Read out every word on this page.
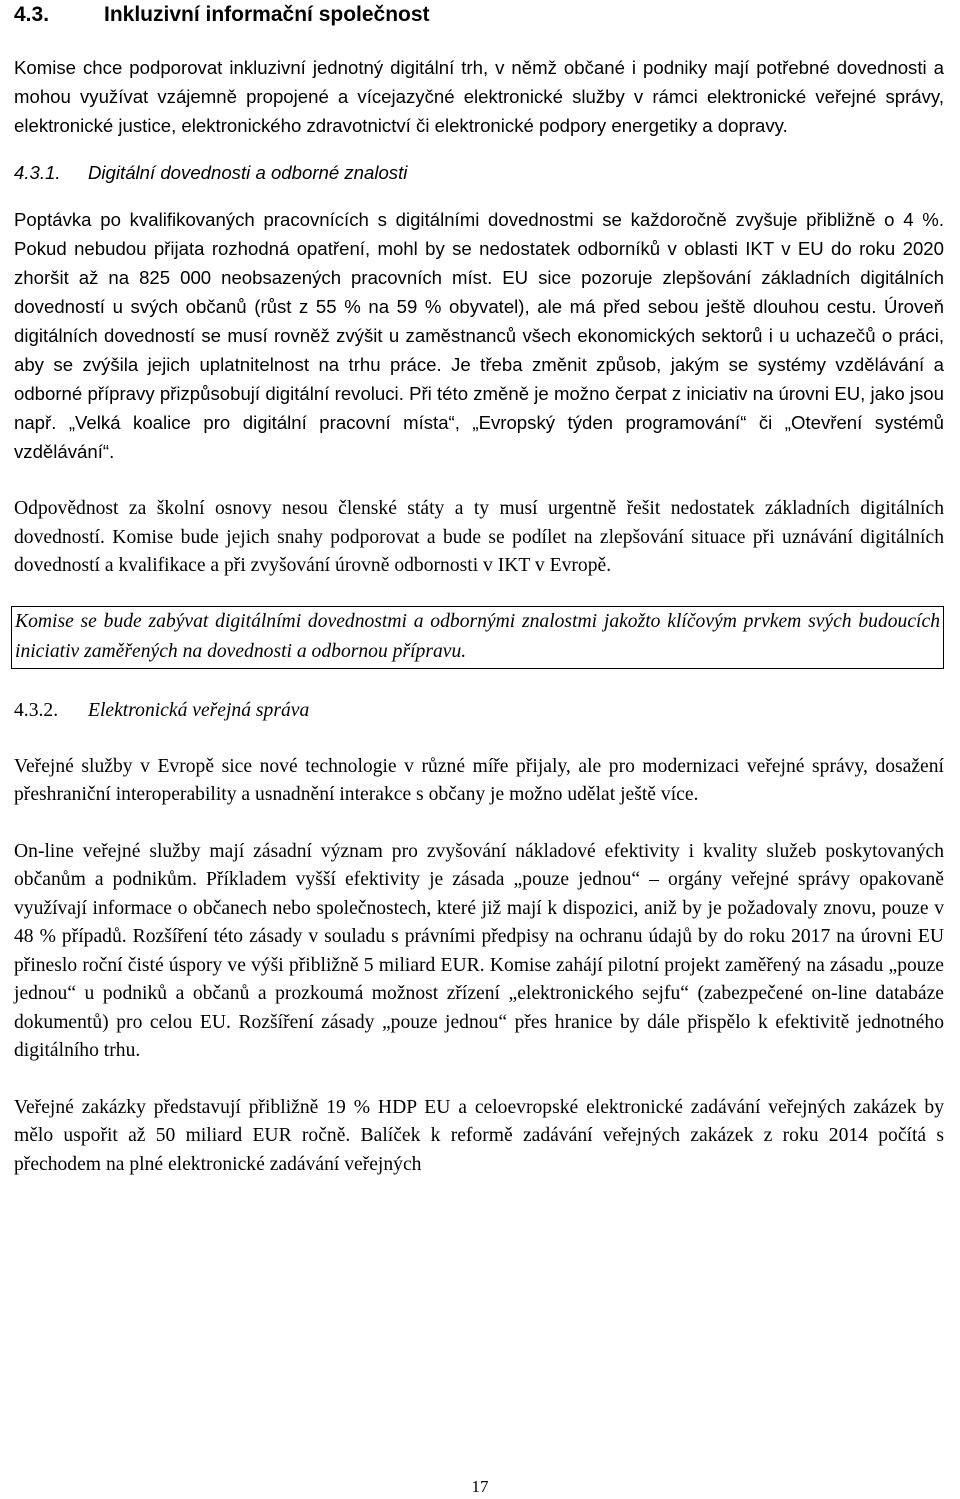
4.3.	Inkluzivní informační společnost

Komise chce podporovat inkluzivní jednotný digitální trh, v němž občané i podniky mají potřebné dovednosti a mohou využívat vzájemně propojené a vícejazyčné elektronické služby v rámci elektronické veřejné správy, elektronické justice, elektronického zdravotnictví či elektronické podpory energetiky a dopravy.

4.3.1.	Digitální dovednosti a odborné znalosti

Poptávka po kvalifikovaných pracovnících s digitálními dovednostmi se každoročně zvyšuje přibližně o 4 %. Pokud nebudou přijata rozhodná opatření, mohl by se nedostatek odborníků v oblasti IKT v EU do roku 2020 zhoršit až na 825 000 neobsazených pracovních míst. EU sice pozoruje zlepšování základních digitálních dovedností u svých občanů (růst z 55 % na 59 % obyvatel), ale má před sebou ještě dlouhou cestu. Úroveň digitálních dovedností se musí rovněž zvýšit u zaměstnanců všech ekonomických sektorů i u uchazečů o práci, aby se zvýšila jejich uplatnitelnost na trhu práce. Je třeba změnit způsob, jakým se systémy vzdělávání a odborné přípravy přizpůsobují digitální revoluci. Při této změně je možno čerpat z iniciativ na úrovni EU, jako jsou např. „Velká koalice pro digitální pracovní místa“, „Evropský týden programování“ či „Otevření systémů vzdělávání“.

Odpovědnost za školní osnovy nesou členské státy a ty musí urgentně řešit nedostatek základních digitálních dovedností. Komise bude jejich snahy podporovat a bude se podílet na zlepšování situace při uznávání digitálních dovedností a kvalifikace a při zvyšování úrovně odbornosti v IKT v Evropě.

Komise se bude zabývat digitálními dovednostmi a odbornými znalostmi jakožto klíčovým prvkem svých budoucích iniciativ zaměřených na dovednosti a odbornou přípravu.
4.3.2.	Elektronická veřejná správa

Veřejné služby v Evropě sice nové technologie v různé míře přijaly, ale pro modernizaci veřejné správy, dosažení přeshraniční interoperability a usnadnění interakce s občany je možno udělat ještě více.

On-line veřejné služby mají zásadní význam pro zvyšování nákladové efektivity i kvality služeb poskytovaných občanům a podnikům. Příkladem vyšší efektivity je zásada „pouze jednou“ – orgány veřejné správy opakovaně využívají informace o občanech nebo společnostech, které již mají k dispozici, aniž by je požadovaly znovu, pouze v 48 % případů. Rozšíření této zásady v souladu s právními předpisy na ochranu údajů by do roku 2017 na úrovni EU přineslo roční čisté úspory ve výši přibližně 5 miliard EUR. Komise zahájí pilotní projekt zaměřený na zásadu „pouze jednou“ u podniků a občanů a prozkoumá možnost zřízení „elektronického sejfu“ (zabezpečené on-line databáze dokumentů) pro celou EU. Rozšíření zásady „pouze jednou“ přes hranice by dále přispělo k efektivitě jednotného digitálního trhu.

Veřejné zakázky představují přibližně 19 % HDP EU a celoevropské elektronické zadávání veřejných zakázek by mělo uspořit až 50 miliard EUR ročně. Balíček k reformě zadávání veřejných zakázek z roku 2014 počítá s přechodem na plné elektronické zadávání veřejných

17
